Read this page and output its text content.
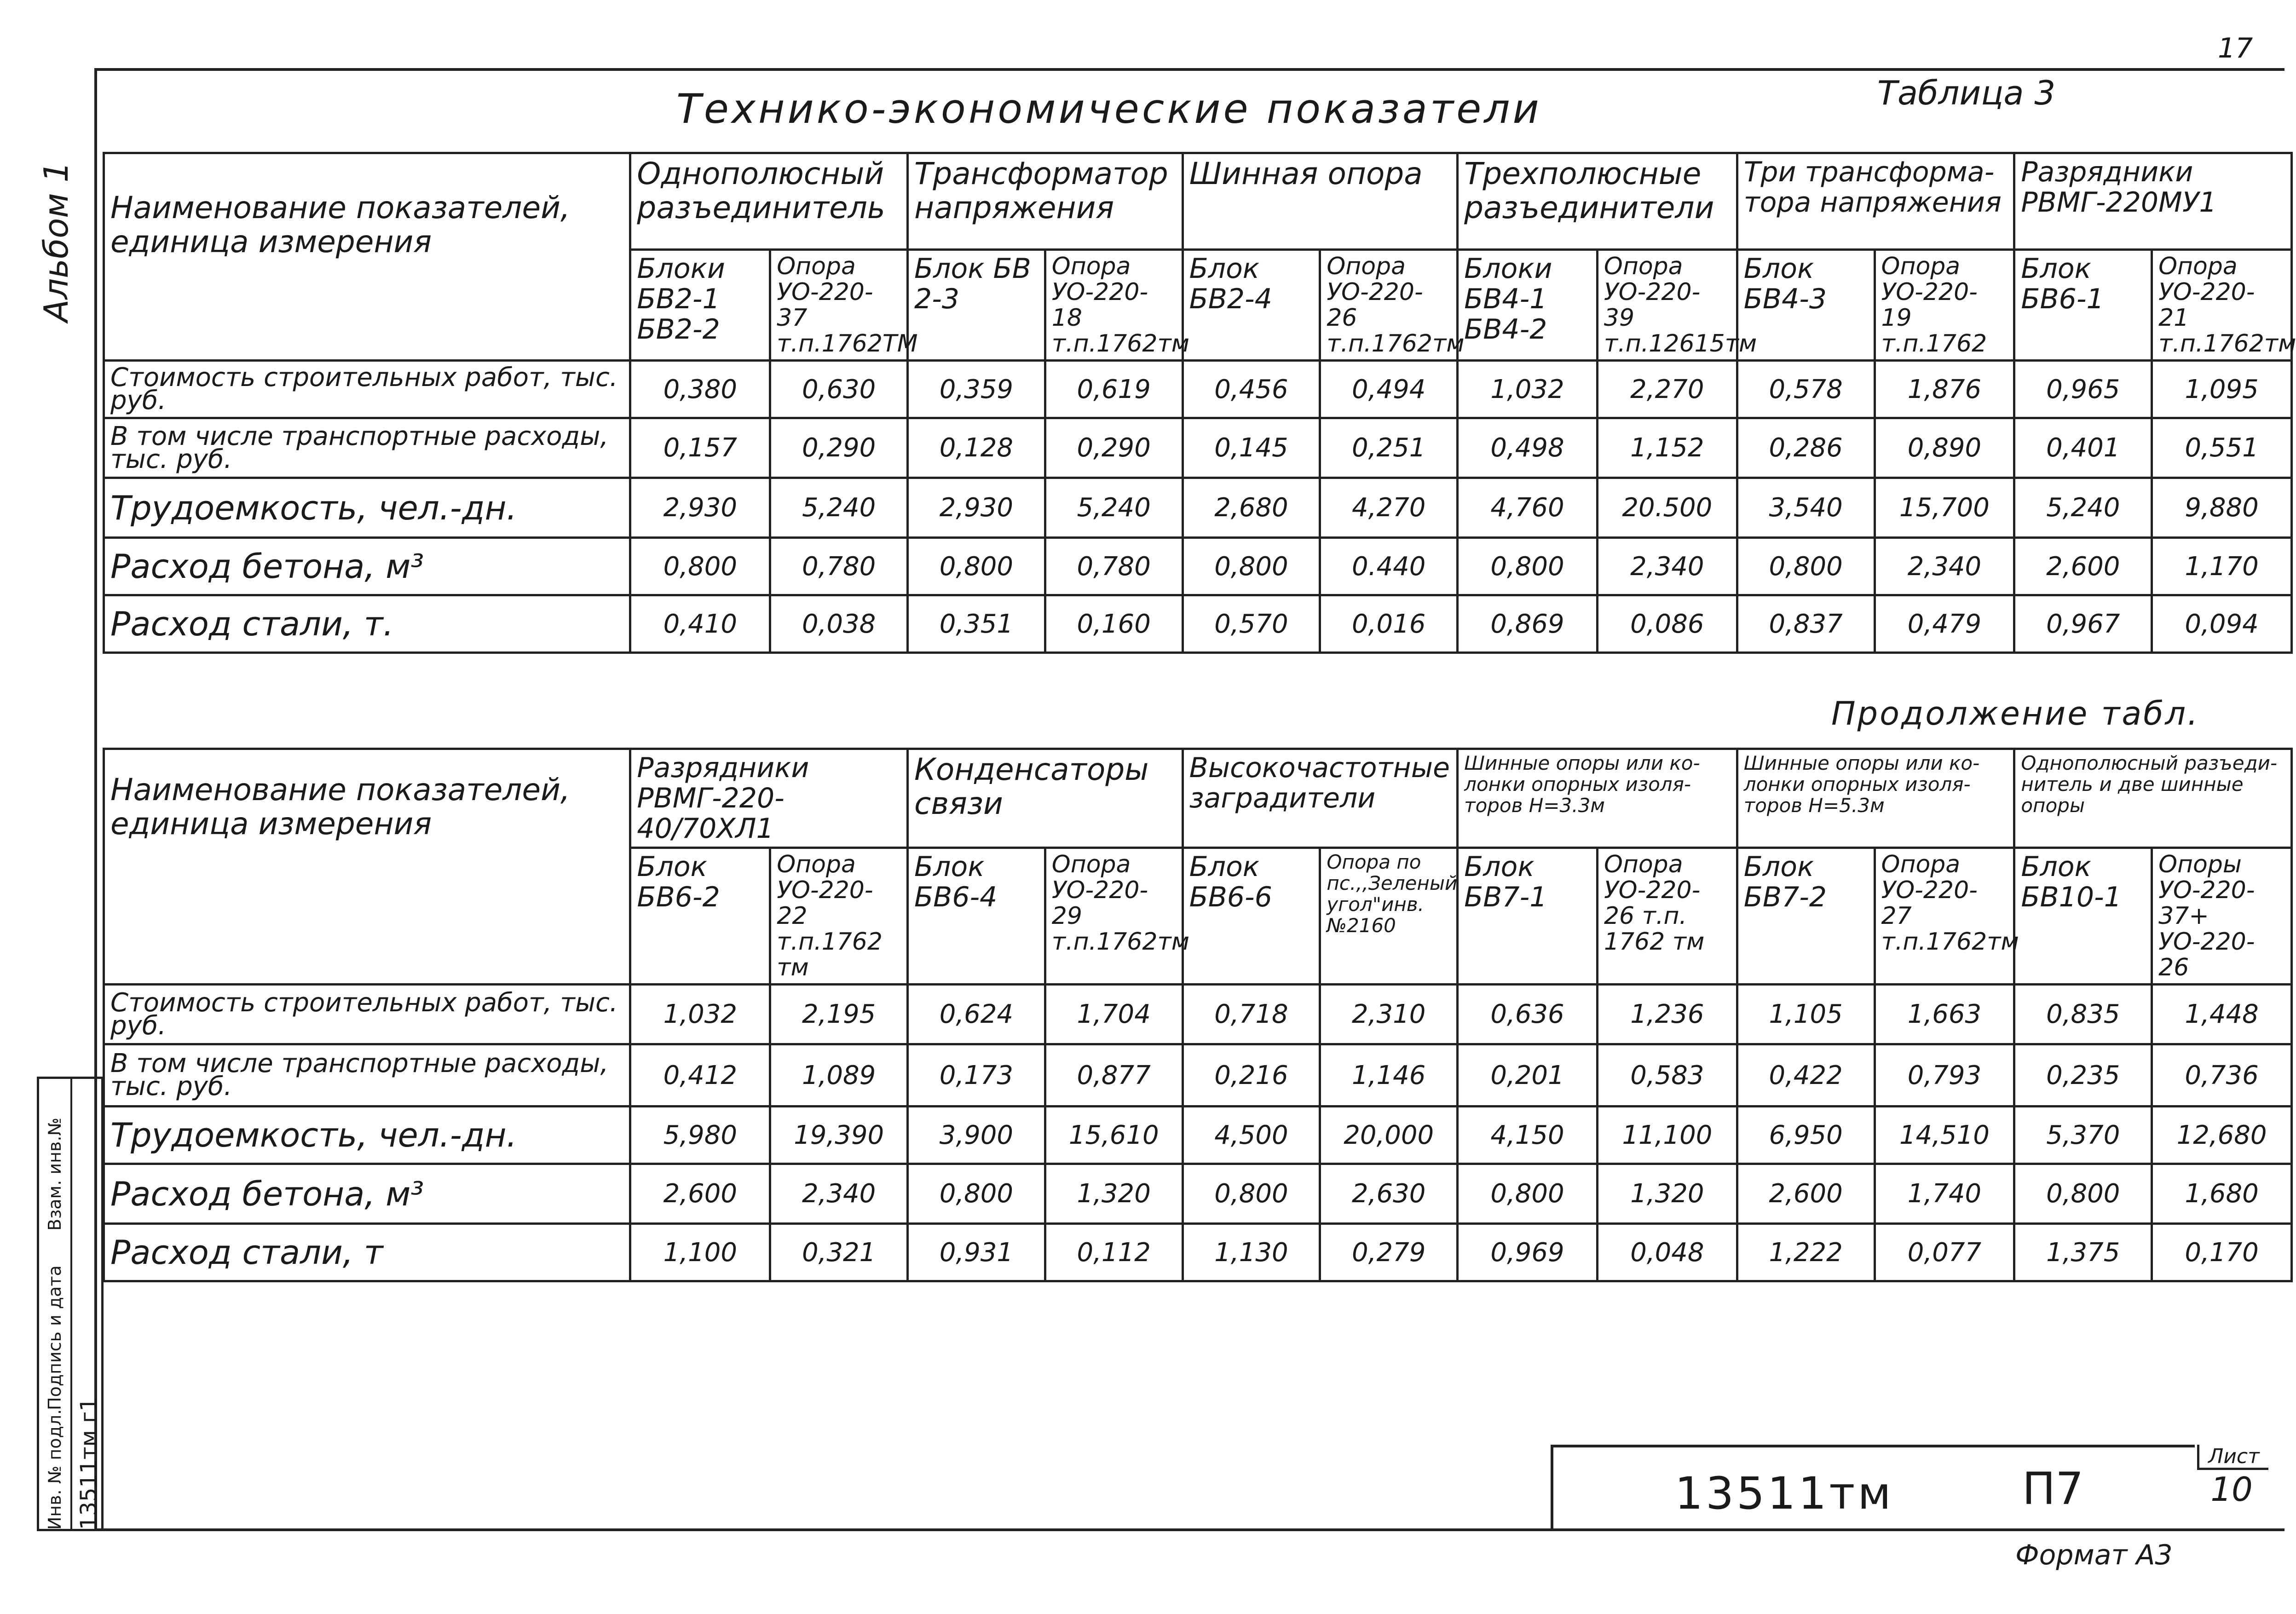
17
Технико-экономические показатели	Таблица 3
Альбом 1	Наименование показателей, единица измерения	Однополюсный разъединитель		Трансформатор напряжения		Шинная опора		Трехполюсные разъединители		Три трансформа-тора напряжения		Разрядники РВМГ-220МУ1	
	Блоки БВ2-1 БВ2-2	Опора УО-220-37 т.п.1762ТМ	Блок БВ 2-3	Опора УО-220-18 т.п.1762тм	Блок БВ2-4	Опора УО-220-26 т.п.1762тм	Блоки БВ4-1 БВ4-2	Опора УО-220-39 т.п.12615тм	Блок БВ4-3	Опора УО-220-19 т.п.1762	Блок БВ6-1	Опора УО-220-21 т.п.1762тм
Стоимость строительных работ, тыс. руб.	0,380	0,630	0,359	0,619	0,456	0,494	1,032	2,270	0,578	1,876	0,965	1,095
В том числе транспортные расходы, тыс. руб.	0,157	0,290	0,128	0,290	0,145	0,251	0,498	1,152	0,286	0,890	0,401	0,551
Трудоемкость, чел.-дн.	2,930	5,240	2,930	5,240	2,680	4,270	4,760	20.500	3,540	15,700	5,240	9,880
Расход бетона, м³	0,800	0,780	0,800	0,780	0,800	0.440	0,800	2,340	0,800	2,340	2,600	1,170
Расход стали, т.	0,410	0,038	0,351	0,160	0,570	0,016	0,869	0,086	0,837	0,479	0,967	0,094
Продолжение табл.
Наименование показателей, единица измерения	Разрядники РВМГ-220-40/70ХЛ1		Конденсаторы связи		Высокочастотные заградители		Шинные опоры или ко-лонки опорных изоля-торов Н=3.3м		Шинные опоры или ко-лонки опорных изоля-торов Н=5.3м		Однополюсный разъеди-нитель и две шинные опоры	
	Блок БВ6-2	Опора УО-220-22 т.п.1762 тм	Блок БВ6-4	Опора УО-220-29 т.п.1762тм	Блок БВ6-6	Опора по пс.,,Зеленый угол"инв.№2160	Блок БВ7-1	Опора УО-220-26 т.п. 1762 тм	Блок БВ7-2	Опора УО-220-27 т.п.1762тм	Блок БВ10-1	Опоры УО-220-37+ УО-220-26
Стоимость строительных работ, тыс. руб.	1,032	2,195	0,624	1,704	0,718	2,310	0,636	1,236	1,105	1,663	0,835	1,448
В том числе транспортные расходы, тыс. руб.	0,412	1,089	0,173	0,877	0,216	1,146	0,201	0,583	0,422	0,793	0,235	0,736
Трудоемкость, чел.-дн.	5,980	19,390	3,900	15,610	4,500	20,000	4,150	11,100	6,950	14,510	5,370	12,680
Расход бетона, м³	2,600	2,340	0,800	1,320	0,800	2,630	0,800	1,320	2,600	1,740	0,800	1,680
Расход стали, т	1,100	0,321	0,931	0,112	1,130	0,279	0,969	0,048	1,222	0,077	1,375	0,170
Инв. № подл. 13511тм г1
Подпись и дата
Взам. инв.№
13511тм	П7
Лист
10
Формат А3
